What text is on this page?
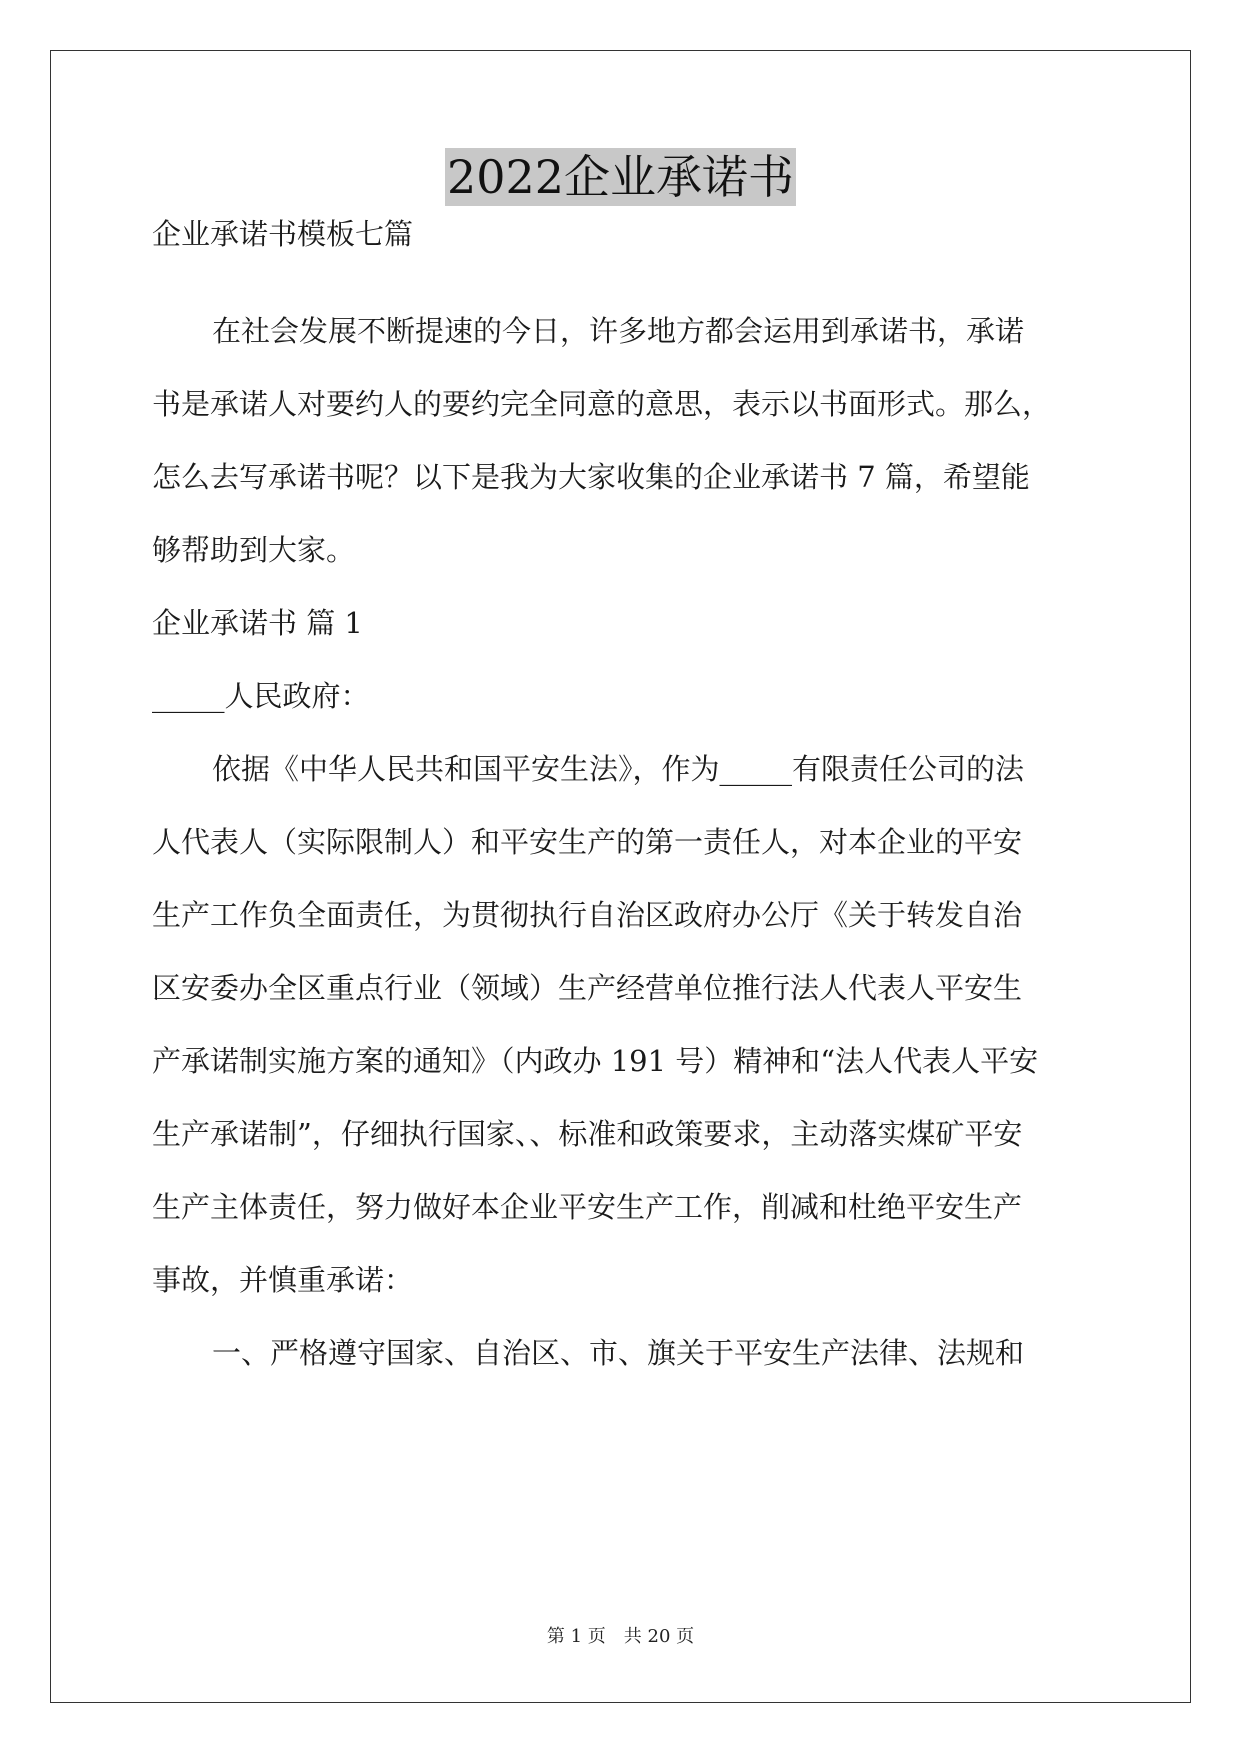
2022企业承诺书
企业承诺书模板七篇
在社会发展不断提速的今日，许多地方都会运用到承诺书，承诺
书是承诺人对要约人的要约完全同意的意思，表示以书面形式。那么，
怎么去写承诺书呢？以下是我为大家收集的企业承诺书 7 篇，希望能
够帮助到大家。
企业承诺书 篇 1
_____人民政府：
依据《中华人民共和国平安生法》，作为_____有限责任公司的法
人代表人（实际限制人）和平安生产的第一责任人，对本企业的平安
生产工作负全面责任，为贯彻执行自治区政府办公厅《关于转发自治
区安委办全区重点行业（领域）生产经营单位推行法人代表人平安生
产承诺制实施方案的通知》（内政办 191 号）精神和“法人代表人平安
生产承诺制”，仔细执行国家、、标准和政策要求，主动落实煤矿平安
生产主体责任，努力做好本企业平安生产工作，削减和杜绝平安生产
事故，并慎重承诺：
一、严格遵守国家、自治区、市、旗关于平安生产法律、法规和
第 1 页 共 20 页
